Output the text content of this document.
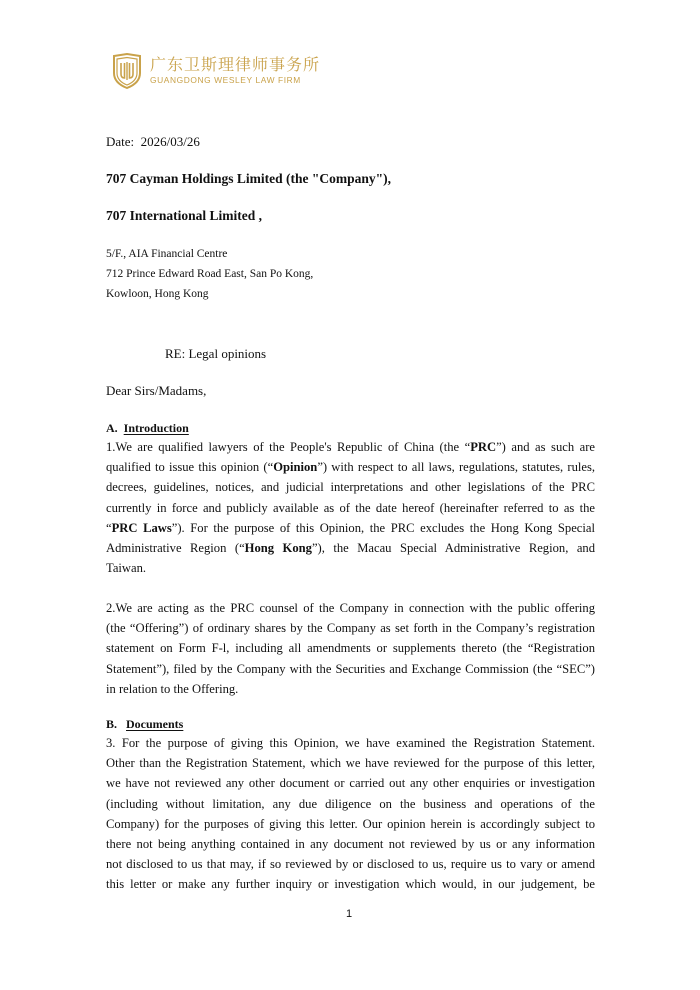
广东卫斯理律师事务所
GUANGDONG WESLEY LAW FIRM
Date: 2026/03/26
707 Cayman Holdings Limited (the "Company"),
707 International Limited ,
5/F., AIA Financial Centre
712 Prince Edward Road East, San Po Kong,
Kowloon, Hong Kong
RE: Legal opinions
Dear Sirs/Madams,
A. Introduction
1.We are qualified lawyers of the People's Republic of China (the “PRC”) and as such are
qualified to issue this opinion (“Opinion”) with respect to all laws, regulations, statutes, rules,
decrees, guidelines, notices, and judicial interpretations and other legislations of the PRC
currently in force and publicly available as of the date hereof (hereinafter referred to as the
“PRC Laws”). For the purpose of this Opinion, the PRC excludes the Hong Kong Special
Administrative Region (“Hong Kong”), the Macau Special Administrative Region, and
Taiwan.
2.We are acting as the PRC counsel of the Company in connection with the public offering
(the “Offering”) of ordinary shares by the Company as set forth in the Company’s registration
statement on Form F-l, including all amendments or supplements thereto (the “Registration
Statement”), filed by the Company with the Securities and Exchange Commission (the “SEC”)
in relation to the Offering.
B. Documents
3. For the purpose of giving this Opinion, we have examined the Registration Statement.
Other than the Registration Statement, which we have reviewed for the purpose of this letter,
we have not reviewed any other document or carried out any other enquiries or investigation
(including without limitation, any due diligence on the business and operations of the
Company) for the purposes of giving this letter. Our opinion herein is accordingly subject to
there not being anything contained in any document not reviewed by us or any information
not disclosed to us that may, if so reviewed by or disclosed to us, require us to vary or amend
this letter or make any further inquiry or investigation which would, in our judgement, be
1
